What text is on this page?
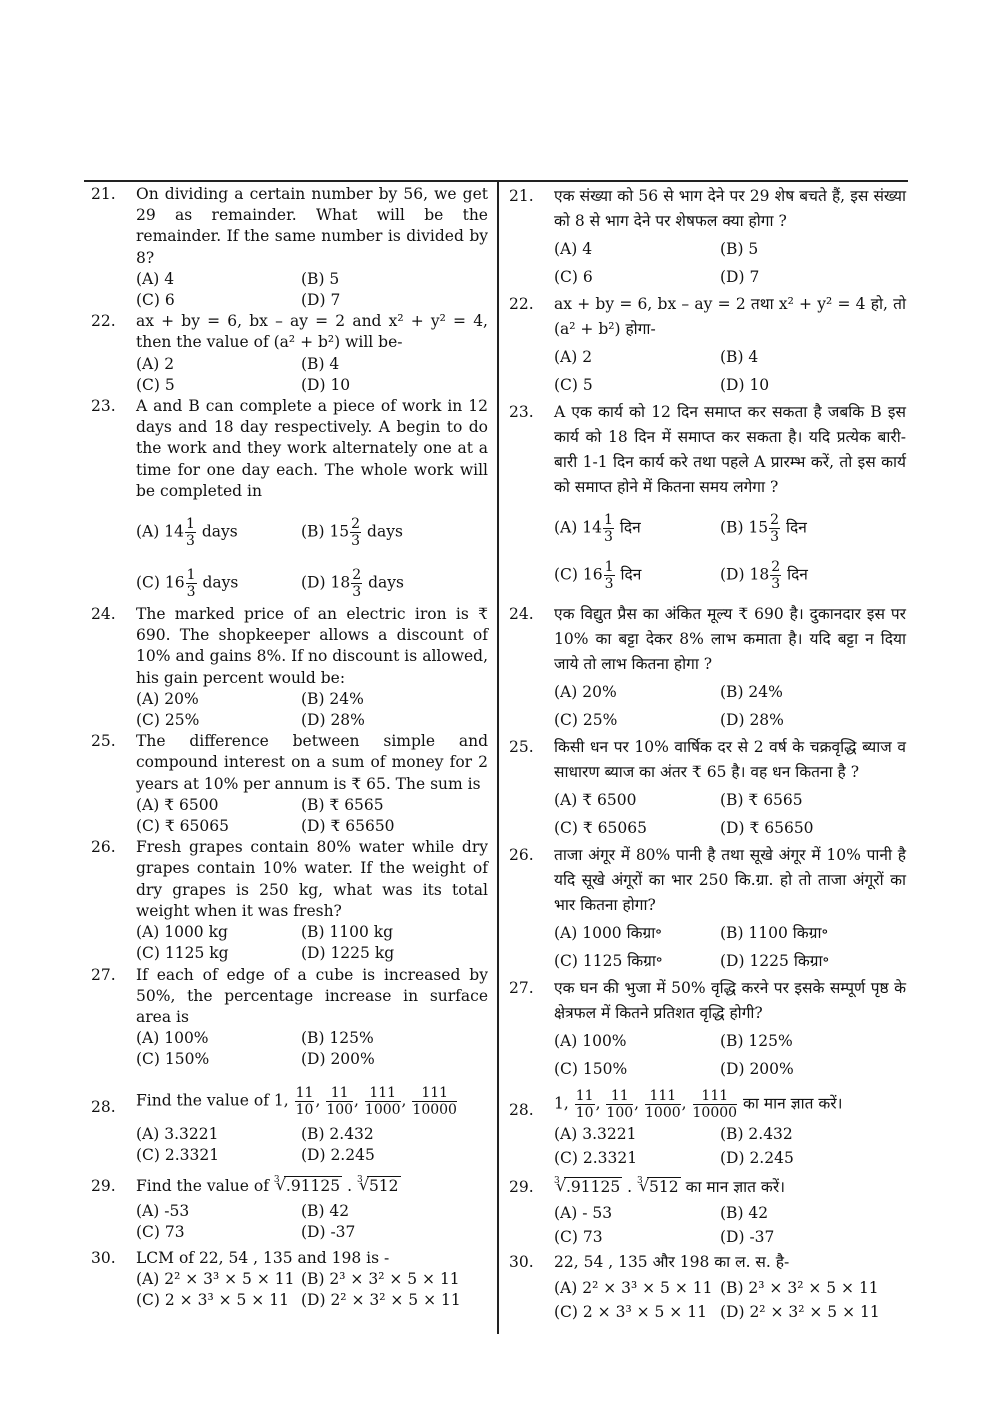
21. On dividing a certain number by 56, we get 29 as remainder. What will be the remainder. If the same number is divided by 8?
(A) 4	(B) 5
(C) 6	(D) 7
22. ax + by = 6, bx – ay = 2 and x² + y² = 4, then the value of (a² + b²) will be-
(A) 2	(B) 4
(C) 5	(D) 10
23. A and B can complete a piece of work in 12 days and 18 day respectively. A begin to do the work and they work alternately one at a time for one day each. The whole work will be completed in
(A) $14 \frac{1}{3}$ days	(B) $15 \frac{2}{3}$ days
(C) $16 \frac{1}{3}$ days	(D) $18 \frac{2}{3}$ days
24. The marked price of an electric iron is ₹ 690. The shopkeeper allows a discount of 10% and gains 8%. If no discount is allowed, his gain percent would be:
(A) 20%	(B) 24%
(C) 25%	(D) 28%
25. The difference between simple and compound interest on a sum of money for 2 years at 10% per annum is ₹ 65. The sum is
(A) ₹ 6500	(B) ₹ 6565
(C) ₹ 65065	(D) ₹ 65650
26. Fresh grapes contain 80% water while dry grapes contain 10% water. If the weight of dry grapes is 250 kg, what was its total weight when it was fresh?
(A) 1000 kg	(B) 1100 kg
(C) 1125 kg	(D) 1225 kg
27. If each of edge of a cube is increased by 50%, the percentage increase in surface area is
(A) 100%	(B) 125%
(C) 150%	(D) 200%
28. Find the value of 1, $\frac{11}{10}$ , $\frac{11}{100}$ , $\frac{111}{1000}$ , $\frac{111}{10000}$
(A) 3.3221	(B) 2.432
(C) 2.3321	(D) 2.245
29. Find the value of √ 3 .91125 . √ 3 512
(A) -53	(B) 42
(C) 73	(D) -37
30. LCM of 22, 54 , 135 and 198 is -
(A) 2² × 3³ × 5 × 11 (B) 2³ × 3² × 5 × 11
(C) 2 × 3³ × 5 × 11 (D) 2² × 3² × 5 × 11
21. एक संख्या को 56 से भाग देने पर 29 शेष बचते हैं, इस संख्या को 8 से भाग देने पर शेषफल क्या होगा ?
(A) 4	(B) 5
(C) 6	(D) 7
22. ax + by = 6, bx – ay = 2 तथा x² + y² = 4 हो, तो (a² + b²) होगा-
(A) 2	(B) 4
(C) 5	(D) 10
23. A एक कार्य को 12 दिन समाप्त कर सकता है जबकि B इस कार्य को 18 दिन में समाप्त कर सकता है। यदि प्रत्येक बारी-बारी 1-1 दिन कार्य करे तथा पहले A प्रारम्भ करें, तो इस कार्य को समाप्त होने में कितना समय लगेगा ?
(A) $14 \frac{1}{3}$ दिन	(B) $15 \frac{2}{3}$ दिन
(C) $16 \frac{1}{3}$ दिन	(D) $18 \frac{2}{3}$ दिन
24. एक विद्युत प्रैस का अंकित मूल्य ₹ 690 है। दुकानदार इस पर 10% का बट्टा देकर 8% लाभ कमाता है। यदि बट्टा न दिया जाये तो लाभ कितना होगा ?
(A) 20%	(B) 24%
(C) 25%	(D) 28%
25. किसी धन पर 10% वार्षिक दर से 2 वर्ष के चक्रवृद्धि ब्याज व साधारण ब्याज का अंतर ₹ 65 है। वह धन कितना है ?
(A) ₹ 6500	(B) ₹ 6565
(C) ₹ 65065	(D) ₹ 65650
26. ताजा अंगूर में 80% पानी है तथा सूखे अंगूर में 10% पानी है यदि सूखे अंगूरों का भार 250 कि.ग्रा. हो तो ताजा अंगूरों का भार कितना होगा?
(A) 1000 किग्रा॰	(B) 1100 किग्रा॰
(C) 1125 किग्रा॰	(D) 1225 किग्रा॰
27. एक घन की भुजा में 50% वृद्धि करने पर इसके सम्पूर्ण पृष्ठ के क्षेत्रफल में कितने प्रतिशत वृद्धि होगी?
(A) 100%	(B) 125%
(C) 150%	(D) 200%
28. 1, $\frac{11}{10}$ , $\frac{11}{100}$ , $\frac{111}{1000}$ , $\frac{111}{10000}$ का मान ज्ञात करें।
(A) 3.3221	(B) 2.432
(C) 2.3321	(D) 2.245
29. √ 3 .91125 . √ 3 512 का मान ज्ञात करें।
(A) - 53	(B) 42
(C) 73	(D) -37
30. 22, 54 , 135 और 198 का ल. स. है-
(A) 2² × 3³ × 5 × 11 (B) 2³ × 3² × 5 × 11
(C) 2 × 3³ × 5 × 11 (D) 2² × 3² × 5 × 11
